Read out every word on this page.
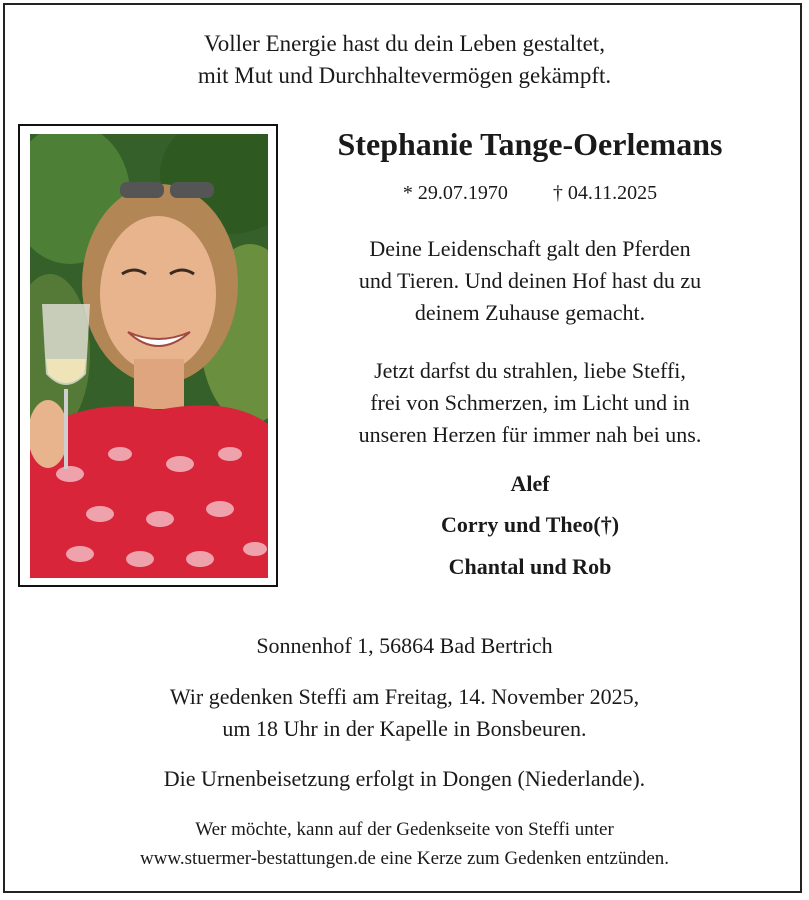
Voller Energie hast du dein Leben gestaltet,
mit Mut und Durchhaltevermögen gekämpft.
Stephanie Tange-Oerlemans
* 29.07.1970 † 04.11.2025
Deine Leidenschaft galt den Pferden
und Tieren. Und deinen Hof hast du zu
deinem Zuhause gemacht.
Jetzt darfst du strahlen, liebe Steffi,
frei von Schmerzen, im Licht und in
unseren Herzen für immer nah bei uns.
Alef
Corry und Theo(†)
Chantal und Rob
Sonnenhof 1, 56864 Bad Bertrich
Wir gedenken Steffi am Freitag, 14. November 2025,
um 18 Uhr in der Kapelle in Bonsbeuren.
Die Urnenbeisetzung erfolgt in Dongen (Niederlande).
Wer möchte, kann auf der Gedenkseite von Steffi unter
www.stuermer-bestattungen.de eine Kerze zum Gedenken entzünden.
